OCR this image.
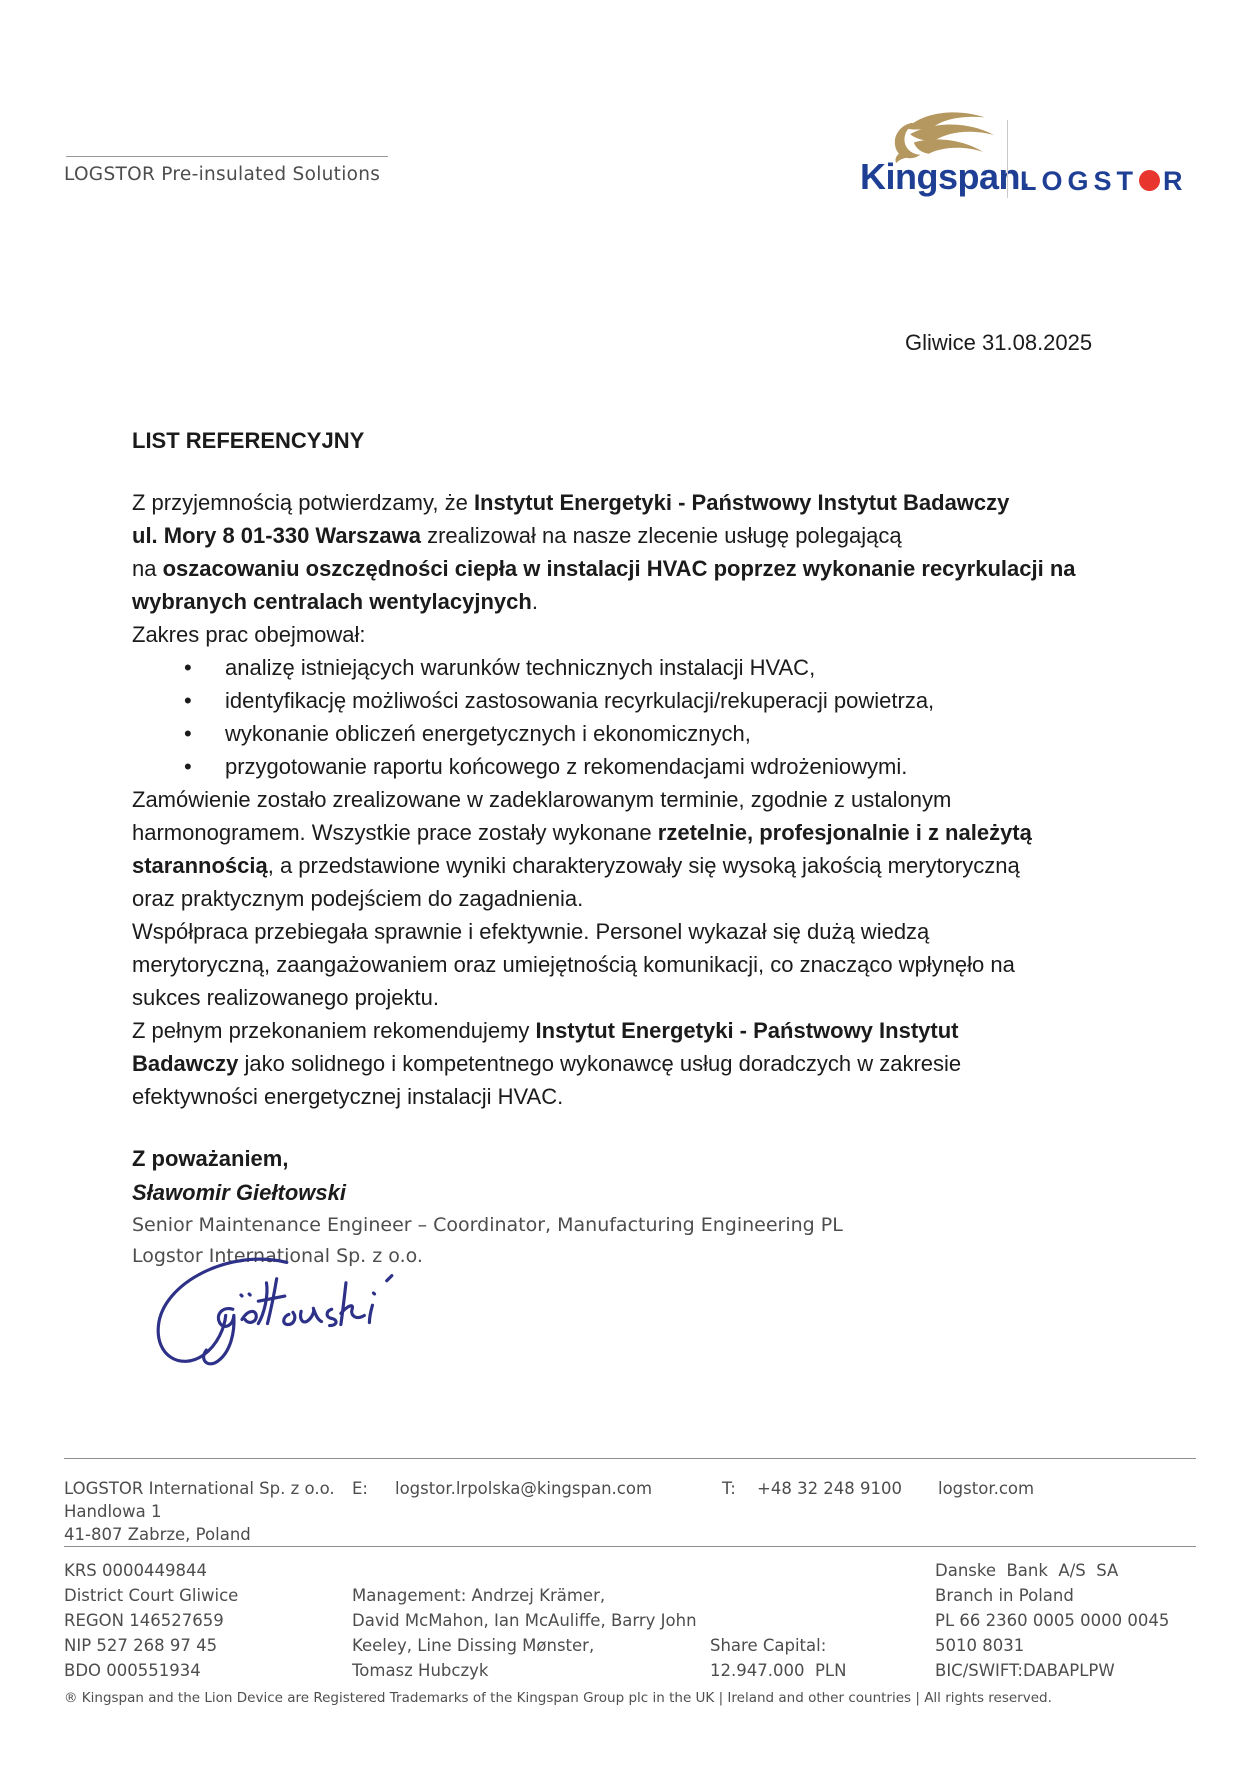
LOGSTOR Pre-insulated Solutions	Kingspan.
LOGST R
Gliwice 31.08.2025
LIST REFERENCYJNY
Z przyjemnością potwierdzamy, że Instytut Energetyki - Państwowy Instytut Badawczy
ul. Mory 8 01-330 Warszawa zrealizował na nasze zlecenie usługę polegającą
na oszacowaniu oszczędności ciepła w instalacji HVAC poprzez wykonanie recyrkulacji na
wybranych centralach wentylacyjnych.
Zakres prac obejmował:
• analizę istniejących warunków technicznych instalacji HVAC,
• identyfikację możliwości zastosowania recyrkulacji/rekuperacji powietrza,
• wykonanie obliczeń energetycznych i ekonomicznych,
• przygotowanie raportu końcowego z rekomendacjami wdrożeniowymi.
Zamówienie zostało zrealizowane w zadeklarowanym terminie, zgodnie z ustalonym
harmonogramem. Wszystkie prace zostały wykonane rzetelnie, profesjonalnie i z należytą
starannością, a przedstawione wyniki charakteryzowały się wysoką jakością merytoryczną
oraz praktycznym podejściem do zagadnienia.
Współpraca przebiegała sprawnie i efektywnie. Personel wykazał się dużą wiedzą
merytoryczną, zaangażowaniem oraz umiejętnością komunikacji, co znacząco wpłynęło na
sukces realizowanego projektu.
Z pełnym przekonaniem rekomendujemy Instytut Energetyki - Państwowy Instytut
Badawczy jako solidnego i kompetentnego wykonawcę usług doradczych w zakresie
efektywności energetycznej instalacji HVAC.
Z poważaniem,
Sławomir Giełtowski
Senior Maintenance Engineer – Coordinator, Manufacturing Engineering PL
Logstor International Sp. z o.o.
LOGSTOR International Sp. z o.o.
Handlowa 1
41-807 Zabrze, Poland
E: logstor.lrpolska@kingspan.com	T: +48 32 248 9100 logstor.com
KRS 0000449844
District Court Gliwice
REGON 146527659
NIP 527 268 97 45
BDO 000551934
Management: Andrzej Krämer,
David McMahon, Ian McAuliffe, Barry John
Keeley, Line Dissing Mønster,
Tomasz Hubczyk
Share Capital:
12.947.000  PLN
Danske  Bank  A/S  SA
Branch in Poland
PL 66 2360 0005 0000 0045
5010 8031
BIC/SWIFT:DABAPLPW
® Kingspan and the Lion Device are Registered Trademarks of the Kingspan Group plc in the UK | Ireland and other countries | All rights reserved.
